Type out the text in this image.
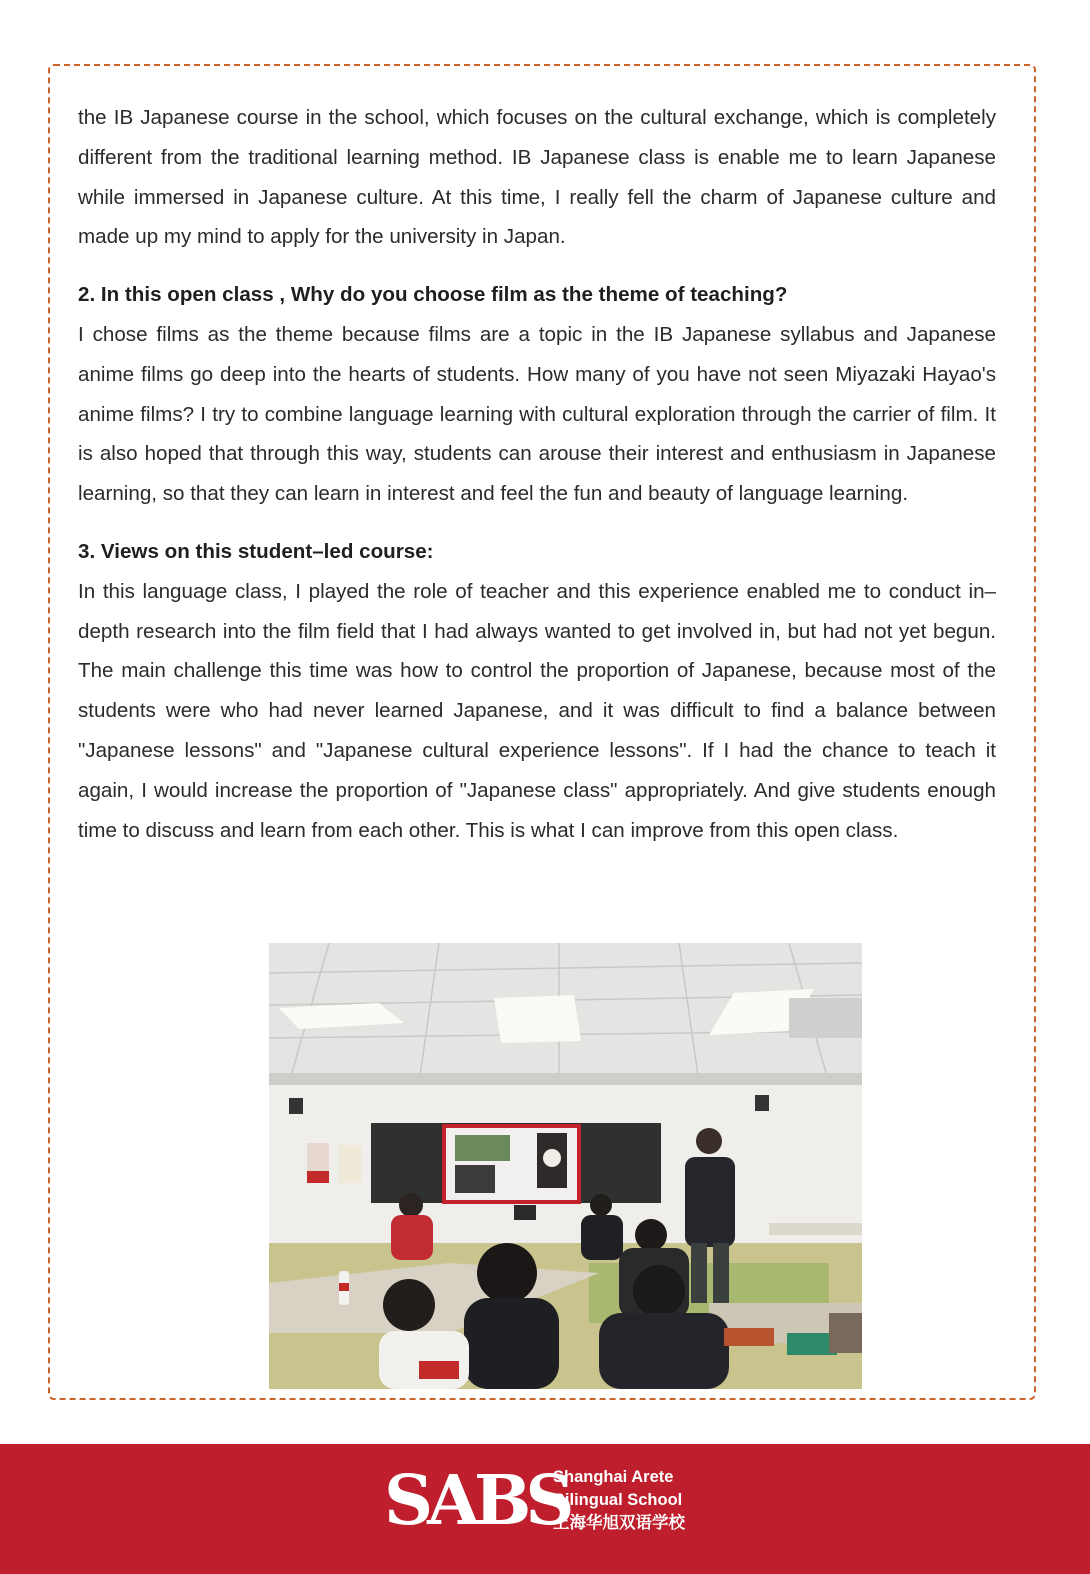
the IB Japanese course in the school, which focuses on the cultural exchange, which is completely different from the traditional learning method. IB Japanese class is enable me to learn Japanese while immersed in Japanese culture. At this time, I really fell the charm of Japanese culture and made up my mind to apply for the university in Japan.

2. In this open class , Why do you choose film as the theme of teaching?

I chose films as the theme because films are a topic in the IB Japanese syllabus and Japanese anime films go deep into the hearts of students. How many of you have not seen Miyazaki Hayao's anime films? I try to combine language learning with cultural exploration through the carrier of film. It is also hoped that through this way, students can arouse their interest and enthusiasm in Japanese learning, so that they can learn in interest and feel the fun and beauty of language learning.

3. Views on this student–led course:

In this language class, I played the role of teacher and this experience enabled me to conduct in–depth research into the film field that I had always wanted to get involved in, but had not yet begun. The main challenge this time was how to control the proportion of Japanese, because most of the students were who had never learned Japanese, and it was difficult to find a balance between "Japanese lessons" and "Japanese cultural experience lessons". If I had the chance to teach it again, I would increase the proportion of "Japanese class" appropriately. And give students enough time to discuss and learn from each other. This is what I can improve from this open class.

SABS
Shanghai Arete
Bilingual School
上海华旭双语学校
